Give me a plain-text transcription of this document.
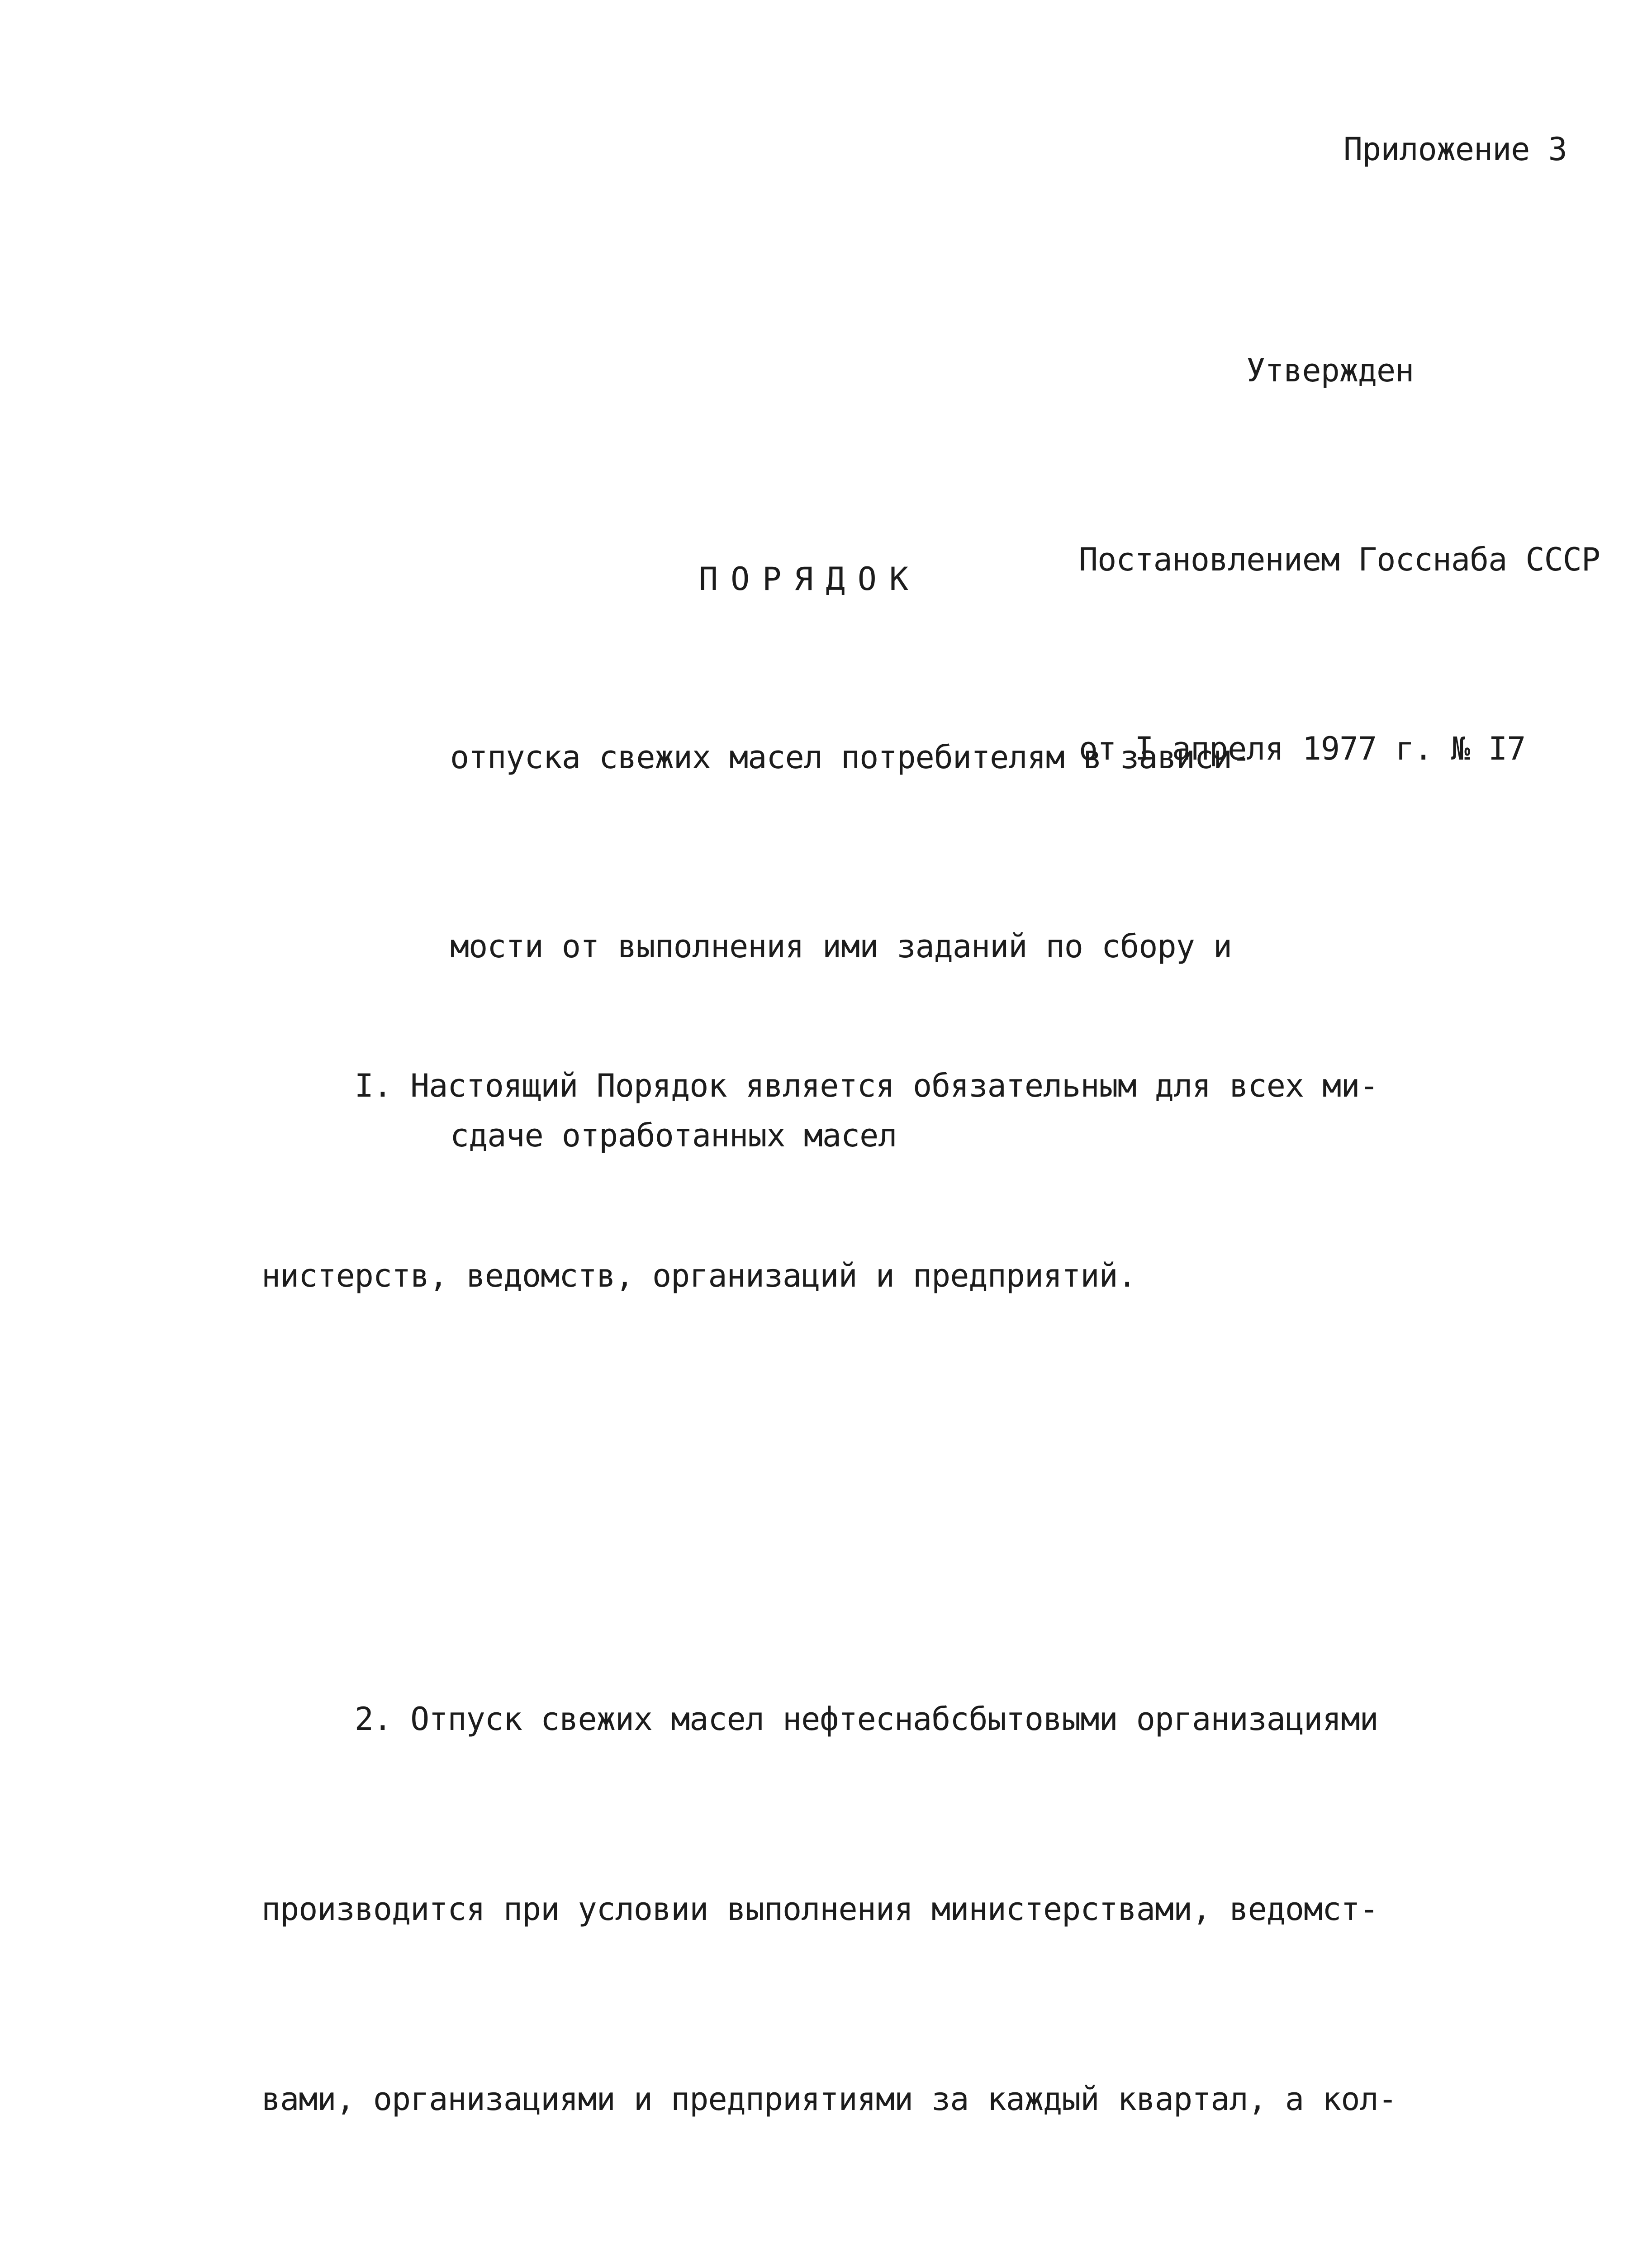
Приложение 3

Утвержден

Постановлением Госснаба СССР

от I апреля 1977 г. № I7

ПОРЯДОК

отпуска свежих масел потребителям в зависи-

мости от выполнения ими заданий по сбору и

сдаче отработанных масел

I. Настоящий Порядок является обязательным для всех ми-

нистерств, ведомств, организаций и предприятий.

2. Отпуск свежих масел нефтеснабсбытовыми организациями

производится при условии выполнения министерствами, ведомст-

вами, организациями и предприятиями за каждый квартал, а кол-
